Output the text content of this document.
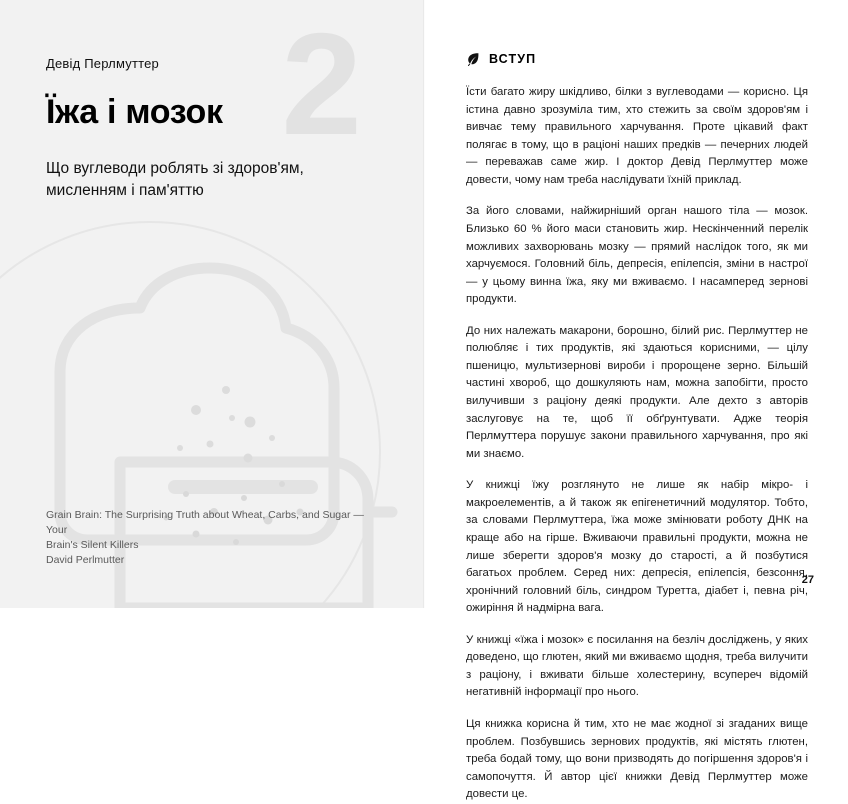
2

Девід Перлмуттер

Їжа і мозок

Що вуглеводи роблять зі здоров'ям, мисленням і пам'яттю

Grain Brain: The Surprising Truth about Wheat, Carbs, and Sugar — Your
Brain's Silent Killers
David Perlmutter
ВСТУП

Їсти багато жиру шкідливо, білки з вуглеводами — корисно. Ця істина давно зрозуміла тим, хто стежить за своїм здоров'ям і вивчає тему правильного харчування. Проте цікавий факт полягає в тому, що в раціоні наших предків — печерних людей — переважав саме жир. І доктор Девід Перлмуттер може довести, чому нам треба наслідувати їхній приклад.

За його словами, найжирніший орган нашого тіла — мозок. Близько 60 % його маси становить жир. Нескінченний перелік можливих захворювань мозку — прямий наслідок того, як ми харчуємося. Головний біль, депресія, епілепсія, зміни в настрої — у цьому винна їжа, яку ми вживаємо. І насамперед зернові продукти.

До них належать макарони, борошно, білий рис. Перлмуттер не полюбляє і тих продуктів, які здаються корисними, — цілу пшеницю, мультизернові вироби і пророщене зерно. Більшій частині хвороб, що дошкуляють нам, можна запобігти, просто вилучивши з раціону деякі продукти. Але дехто з авторів заслуговує на те, щоб її обґрунтувати. Адже теорія Перлмуттера порушує закони правильного харчування, про які ми знаємо.

У книжці їжу розглянуто не лише як набір мікро- і макроелементів, а й також як епігенетичний модулятор. Тобто, за словами Перлмуттера, їжа може змінювати роботу ДНК на краще або на гірше. Вживаючи правильні продукти, можна не лише зберегти здоров'я мозку до старості, а й позбутися багатьох проблем. Серед них: депресія, епілепсія, безсоння, хронічний головний біль, синдром Туретта, діабет і, певна річ, ожиріння й надмірна вага.

У книжці «їжа і мозок» є посилання на безліч досліджень, у яких доведено, що глютен, який ми вживаємо щодня, треба вилучити з раціону, і вживати більше холестерину, всупереч відомій негативній інформації про нього.

Ця книжка корисна й тим, хто не має жодної зі згаданих вище проблем. Позбувшись зернових продуктів, які містять глютен, треба бодай тому, що вони призводять до погіршення здоров'я і самопочуття. Й автор цієї книжки Девід Перлмуттер може довести це.

27
